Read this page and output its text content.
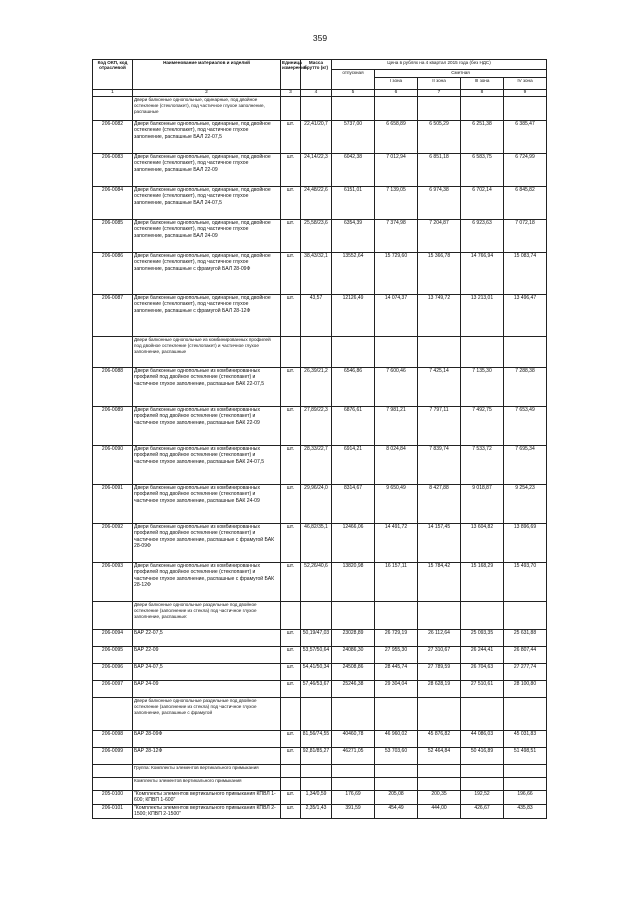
359
Код ОКП, код отраслевой	Наименование материалов и изделий	Единица измерения	Масса брутто (кг)	Цена в рублях на 4 квартал 2015 года (без НДС)				
				отпускная	Сметная			
					I зона	II зона	III зона	IV зона
1	2	3	4	5	6	7	8	9
	Двери балконные однопольные, одинарные, под двойное остекление (стеклопакет), под частичное глухое заполнение, распашные							
206-0082	Двери балконные однопольные, одинарные, под двойное остекление (стеклопакет), под частичное глухое заполнение, распашные БАЛ 22-07,5	шт.	22,41/20,7	5737,00	6 658,89	6 505,29	6 251,38	6 385,47
206-0083	Двери балконные однопольные, одинарные, под двойное остекление (стеклопакет), под частичное глухое заполнение, распашные БАЛ 22-09	шт.	24,14/22,3	6042,38	7 012,94	6 851,18	6 583,75	6 724,99
206-0084	Двери балконные однопольные, одинарные, под двойное остекление (стеклопакет), под частичное глухое заполнение, распашные БАЛ 24-07,5	шт.	24,48/22,6	6151,01	7 139,05	6 974,38	6 702,14	6 845,82
206-0085	Двери балконные однопольные, одинарные, под двойное остекление (стеклопакет), под частичное глухое заполнение, распашные БАЛ 24-09	шт.	25,58/23,6	6354,39	7 374,98	7 204,87	6 923,63	7 072,18
206-0086	Двери балконные однопольные, одинарные, под двойное остекление (стеклопакет), под частичное глухое заполнение, распашные с фрамугой БАЛ 28-09Ф	шт.	38,43/32,1	13552,64	15 729,60	15 366,78	14 766,94	15 083,74
206-0087	Двери балконные однопольные, одинарные, под двойное остекление (стеклопакет), под частичное глухое заполнение, распашные с фрамугой БАЛ 28-12Ф	шт.	43,57	12126,49	14 074,37	13 749,72	13 213,01	13 496,47
	Двери балконные однопольные из комбинированных профилей под двойное остекление (стеклопакет) и частичное глухое заполнение, распашные							
206-0088	Двери балконные однопольные из комбинированных профилей под двойное остекление (стеклопакет) и частичное глухое заполнение, распашные БАК 22-07,5	шт.	26,39/21,2	6546,86	7 600,46	7 425,14	7 135,30	7 288,38
206-0089	Двери балконные однопольные из комбинированных профилей под двойное остекление (стеклопакет) и частичное глухое заполнение, распашные БАК 22-09	шт.	27,89/22,3	6876,61	7 981,21	7 797,11	7 492,75	7 653,49
206-0090	Двери балконные однопольные из комбинированных профилей под двойное остекление (стеклопакет) и частичное глухое заполнение, распашные БАК 24-07,5	шт.	28,33/22,7	6914,21	8 024,84	7 839,74	7 533,72	7 695,34
206-0091	Двери балконные однопольные из комбинированных профилей под двойное остекление (стеклопакет) и частичное глухое заполнение, распашные БАК 24-09	шт.	29,96/24,0	8314,67	9 650,49	8 427,88	9 018,87	9 254,23
206-0092	Двери балконные однопольные из комбинированных профилей под двойное остекление (стеклопакет) и частичное глухое заполнение, распашные с фрамугой БАК 28-09Ф	шт.	46,82/35,1	12466,06	14 491,72	14 157,45	13 604,82	13 896,69
206-0093	Двери балконные однопольные из комбинированных профилей под двойное остекление (стеклопакет) и частичное глухое заполнение, распашные с фрамугой БАК 28-12Ф	шт.	52,26/40,6	13820,98	16 157,11	15 784,42	15 168,29	15 493,70
	Двери балконные однопольные раздельные под двойное остекление (заполнение из стекла) под частичное глухое заполнение, распашные:							
206-0094	БАР 22-07,5	шт.	50,19/47,03	23028,89	26 729,19	26 112,64	25 093,35	25 631,88
206-0095	БАР 22-09	шт.	53,57/50,64	24086,30	27 955,30	27 310,67	26 244,41	26 807,44
206-0096	БАР 24-07,5	шт.	54,41/50,34	24508,86	28 445,74	27 789,59	26 704,63	27 277,74
206-0097	БАР 24-09	шт.	57,46/53,67	25246,38	29 304,04	28 628,19	27 510,61	28 100,80
	Двери балконные однопольные раздельные под двойное остекление (заполнение из стекла) под частичное глухое заполнение, распашные с фрамугой							
206-0098	БАР 28-09Ф	шт.	81,56/74,55	40460,78	46 960,02	45 876,82	44 086,03	45 031,83
206-0099	БАР 28-12Ф	шт.	92,81/85,27	46271,05	53 703,60	52 464,84	50 416,89	51 498,51
	Группа: Комплекты элементов вертикального примыкания							
	Комплекты элементов вертикального примыкания							
205-0100	"Комплекты элементов вертикального примыкания КПВЛ 1-600; КПВП 1-600"	шт.	1,34/0,59	176,69	205,08	200,35	192,52	196,66
206-0101	"Комплекты элементов вертикального примыкания КПВЛ 2-1500; КПВП 2-1500"	шт.	2,35/1,43	391,59	454,49	444,00	426,67	435,83
